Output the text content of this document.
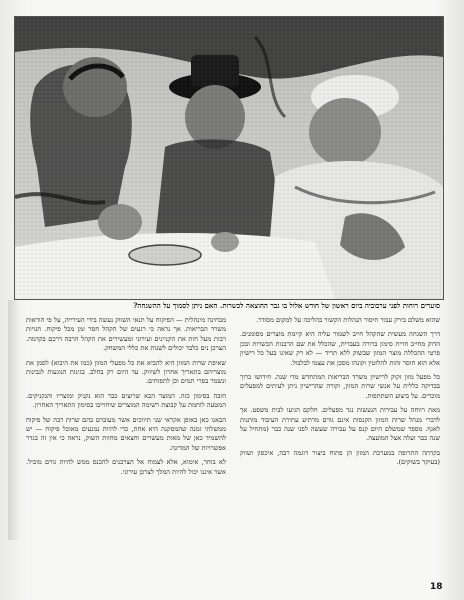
סוערים רוחות לפני ערבוביה ביום ראשון של חודש אלול בו גבר ההוצאה לכשרות. האם ניתן לסמוך על ההשגחה?

שהוא משלם בירק עבור חיסור הנהלות הקשור בהליכה על למקום מסודר.

דרך השגחה מעשית שהקהל חייב לשמור עליה היא קיימת מוצרים מסומנים. הדוק מחייב חרית סימון ברורה בעברית, שהכלל את שם הרבנות הכשרות ובכן פרטי ההכללה מוצר המזון שבשוק ללא תריד — לא רק שאינו בעל כל רישיון אלא הוא חוסר זהות להלוטין וקונהו מסכן את עצמו לבלבול.

כל מפעל מזון זקוק לרישיון משרד הבריאות המתחדש מדי שנה. חידושו כרוך בבדיקה כללית על אנשי שרות המזון, וקורה שהרישיון ניתן לעיתים למפעלים מוכרים. על ביצוע השתתפות.

מאת רווחה על עבירות הנעשות נגד מפעלים. חלקם הגיעו לבית משפט. אך לדברי מנהל שרות המזון הקנסות אינם גורם מרתיע עתירת העיבוד מותנות לאגף. מספר שמשלם היום קנס על עבירה שעשה לפני שנה כבר (מתחיל על שנה כבר ועלה אצל המועצה.

בקרתה התרופה במערכת המזון הן פתוח ביצור דוגמה רבה, איכסון ושווק (בעיקר בשוקים).

מבחינה מינהלית — הפיקוח על תנאי השווק נעשה בידי העירייה, על פי הוראות משרד הבריאות. אך נראה כי רגעים של הקהל חסר זמן מכל פיקוח. חנויות רבות מעל חות את הקניינים ועירוני ומעשירים את הקהל הרבה דרכם בקדמה. הצרכן נים כלבד יכולים לשנות את כללי המשחק.

שאיפת שרות המזון היא להביא את כל מפעלי המזון (כמו את היבוא) לסמן את מוצריהם בתאריך אחרון לשיווק. עד היום רק בחלב. בגינות הנוגעות לגבינות ונשמר בפרי תמים וכן לתפוחים.

חובה בסימון כזה. המוצר הבא שרוצים כבר הוא נקניק ומוצריו והנקניקים. המטעה לוחמת על קבוצת רשימה המוצרים שיחוייבו בסימון התאריך האחרון.

הבאנו כאן באופן אקראי שני תיווכים אשר מעוברם בהם שרות רבה של פיקוח ממשלתי זמנה שהמסקנה היא אחת, כדי להיות נמנעים מאוכל פיקוח — יש להשמיד כאן של מאות מעשרים וחצאים מחוות השוק, נראה כי אין זה בגדר אפשרויות של המדינה.

לא בוחר, אימוא, אלא לצמוח אל הצרכנים להכנס ממש להיות גורם מוביל. אשר איננו יכול להיות המלך לצרכן עירוני.

18
